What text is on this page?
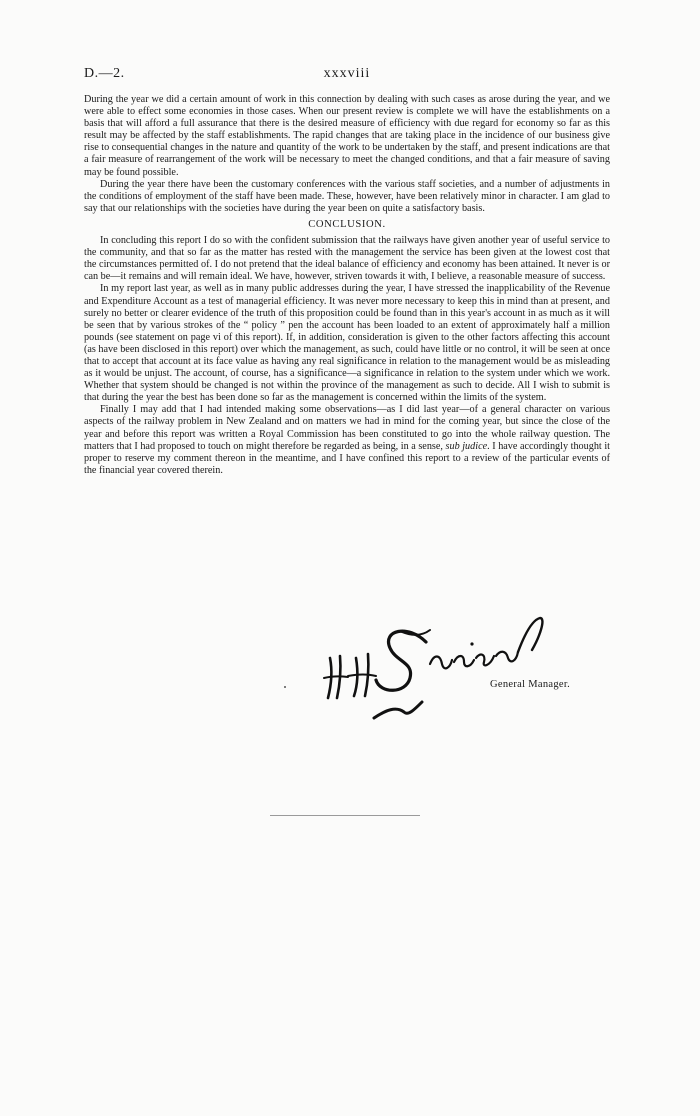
D.—2.	xxxviii

During the year we did a certain amount of work in this connection by dealing with such cases as arose during the year, and we were able to effect some economies in those cases. When our present review is complete we will have the establishments on a basis that will afford a full assurance that there is the desired measure of efficiency with due regard for economy so far as this result may be affected by the staff establishments. The rapid changes that are taking place in the incidence of our business give rise to consequential changes in the nature and quantity of the work to be undertaken by the staff, and present indications are that a fair measure of rearrangement of the work will be necessary to meet the changed conditions, and that a fair measure of saving may be found possible.

During the year there have been the customary conferences with the various staff societies, and a number of adjustments in the conditions of employment of the staff have been made. These, however, have been relatively minor in character. I am glad to say that our relationships with the societies have during the year been on quite a satisfactory basis.

CONCLUSION.

In concluding this report I do so with the confident submission that the railways have given another year of useful service to the community, and that so far as the matter has rested with the management the service has been given at the lowest cost that the circumstances permitted of. I do not pretend that the ideal balance of efficiency and economy has been attained. It never is or can be—it remains and will remain ideal. We have, however, striven towards it with, I believe, a reasonable measure of success.

In my report last year, as well as in many public addresses during the year, I have stressed the inapplicability of the Revenue and Expenditure Account as a test of managerial efficiency. It was never more necessary to keep this in mind than at present, and surely no better or clearer evidence of the truth of this proposition could be found than in this year's account in as much as it will be seen that by various strokes of the “ policy ” pen the account has been loaded to an extent of approximately half a million pounds (see statement on page vi of this report). If, in addition, consideration is given to the other factors affecting this account (as have been disclosed in this report) over which the management, as such, could have little or no control, it will be seen at once that to accept that account at its face value as having any real significance in relation to the management would be as misleading as it would be unjust. The account, of course, has a significance—a significance in relation to the system under which we work. Whether that system should be changed is not within the province of the management as such to decide. All I wish to submit is that during the year the best has been done so far as the management is concerned within the limits of the system.

Finally I may add that I had intended making some observations—as I did last year—of a general character on various aspects of the railway problem in New Zealand and on matters we had in mind for the coming year, but since the close of the year and before this report was written a Royal Commission has been constituted to go into the whole railway question. The matters that I had proposed to touch on might therefore be regarded as being, in a sense, sub judice. I have accordingly thought it proper to reserve my comment thereon in the meantime, and I have confined this report to a review of the particular events of the financial year covered therein.

General Manager.
